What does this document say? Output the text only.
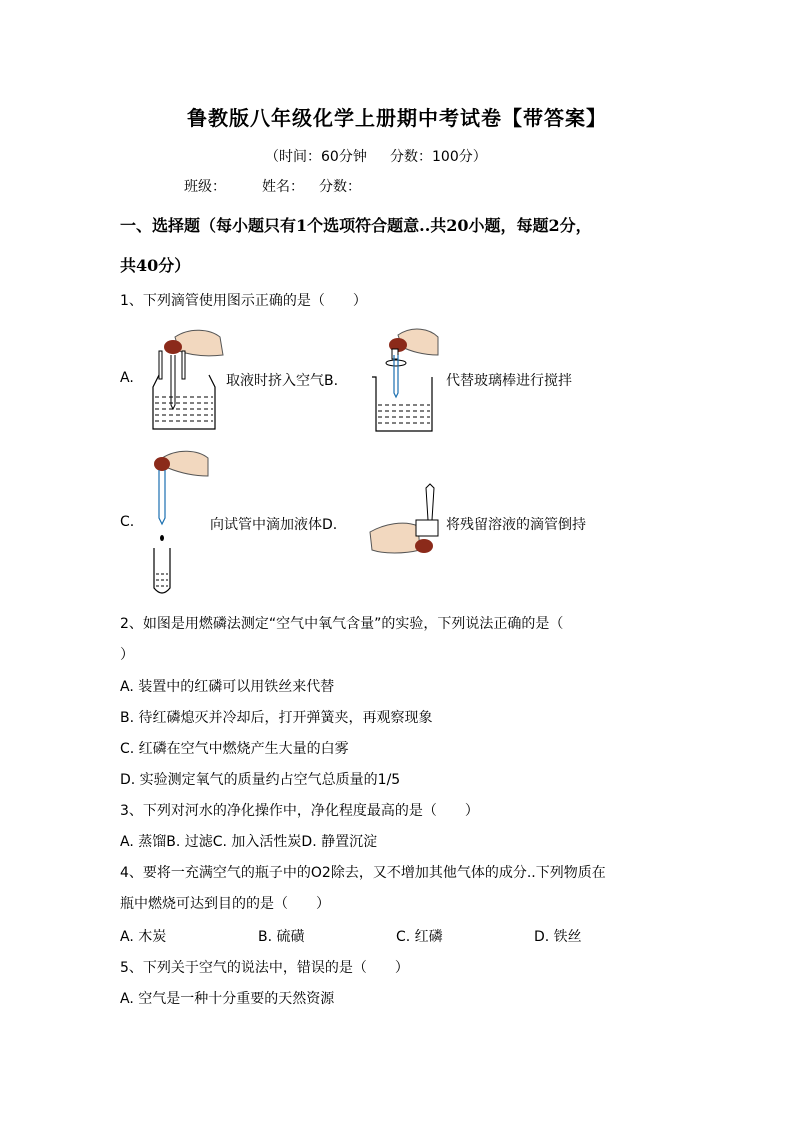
鲁教版八年级化学上册期中考试卷【带答案】
（时间：60分钟 分数：100分）
班级：	姓名： 分数：
一、选择题（每小题只有1个选项符合题意..共20小题，每题2分，
共40分）
1、下列滴管使用图示正确的是（　　）
A.	取液时挤入空气B.	代替玻璃棒进行搅拌
C.	向试管中滴加液体D.	将残留溶液的滴管倒持
2、如图是用燃磷法测定“空气中氧气含量”的实验，下列说法正确的是（
）
A. 装置中的红磷可以用铁丝来代替
B. 待红磷熄灭并冷却后，打开弹簧夹，再观察现象
C. 红磷在空气中燃烧产生大量的白雾
D. 实验测定氧气的质量约占空气总质量的1/5
3、下列对河水的净化操作中，净化程度最高的是（　　）
A. 蒸馏B. 过滤C. 加入活性炭D. 静置沉淀
4、要将一充满空气的瓶子中的O2除去，又不增加其他气体的成分..下列物质在
瓶中燃烧可达到目的的是（　　）
A. 木炭	B. 硫磺	C. 红磷	D. 铁丝
5、下列关于空气的说法中，错误的是（　　）
A. 空气是一种十分重要的天然资源
